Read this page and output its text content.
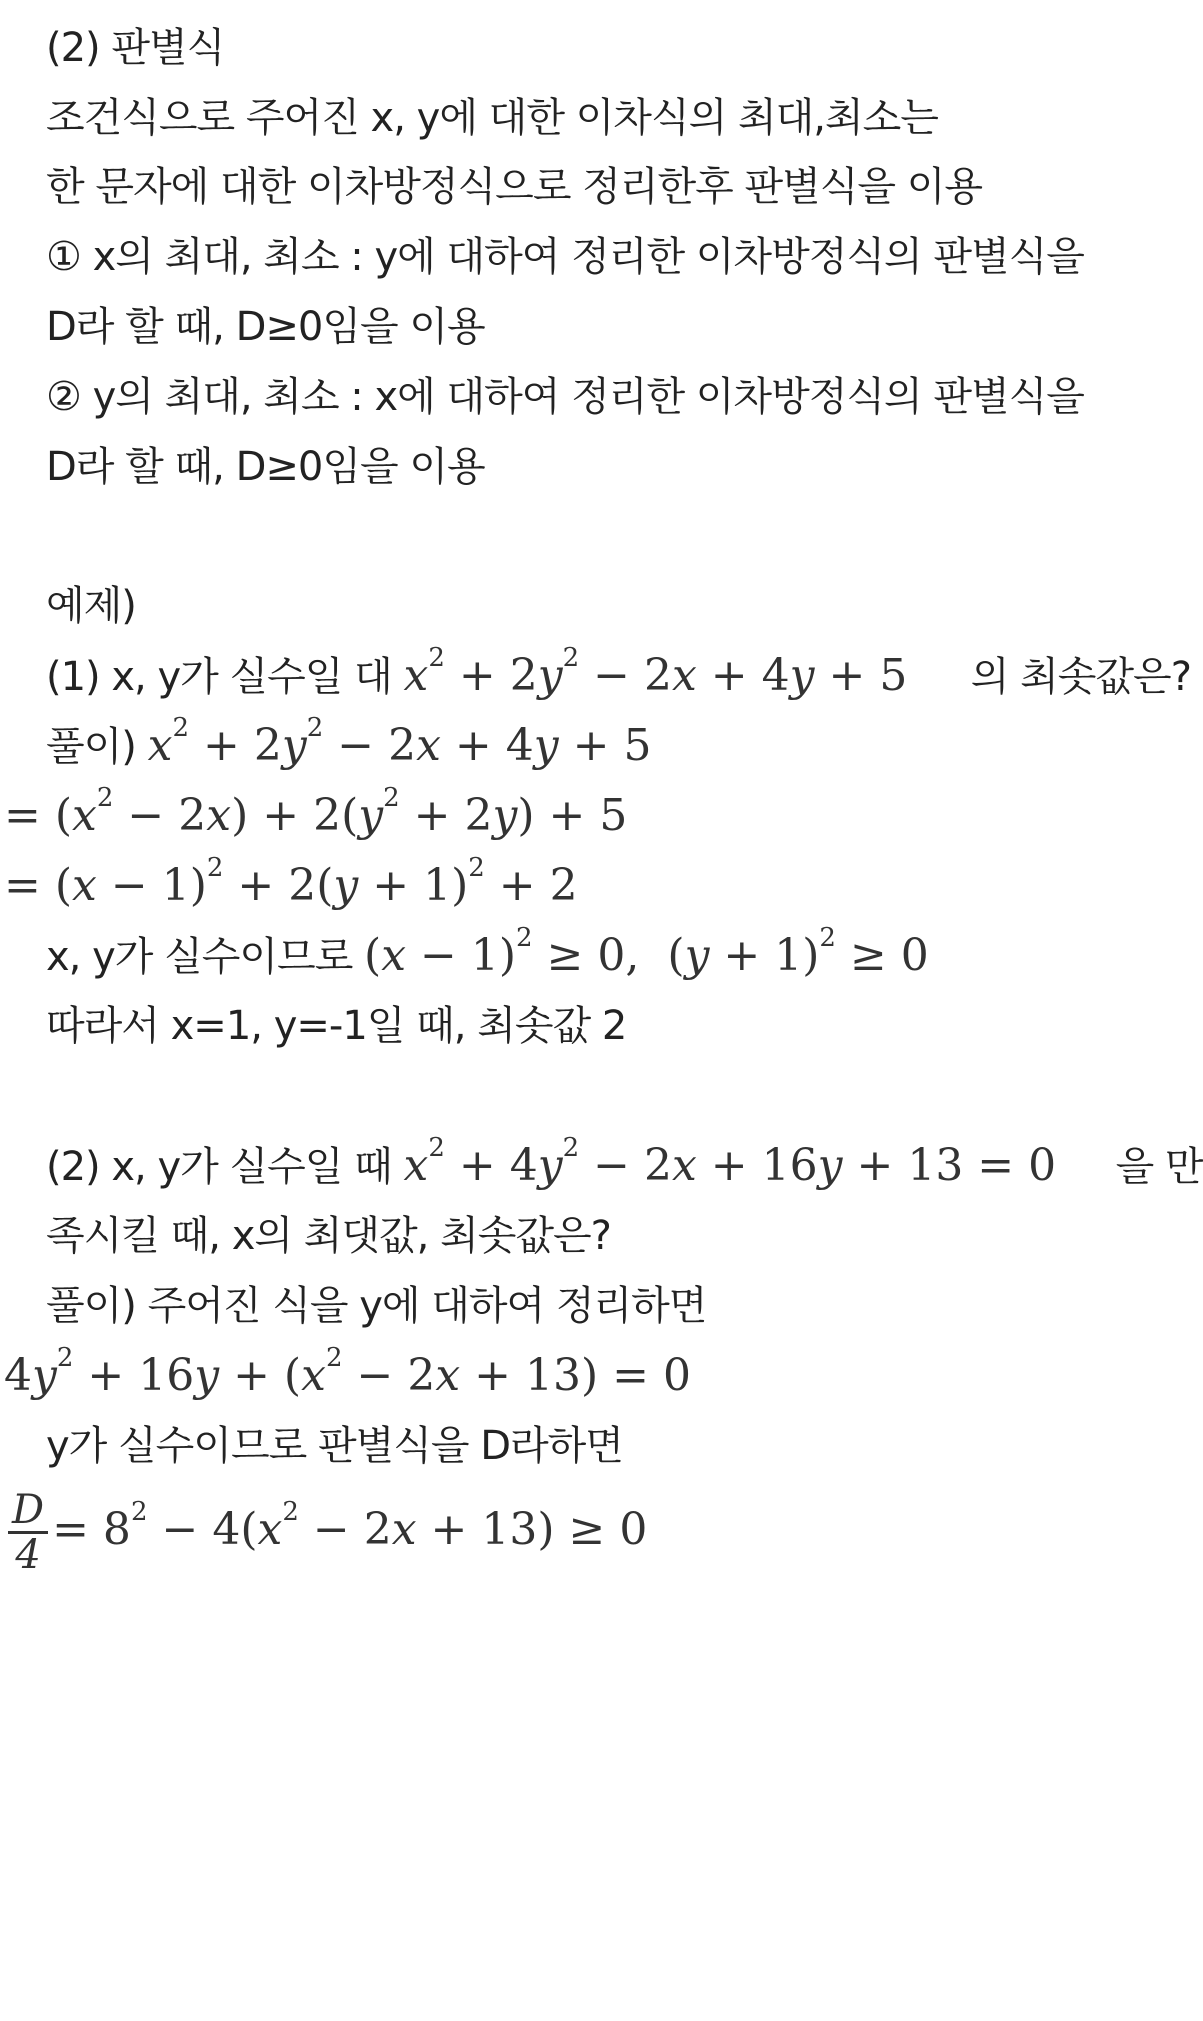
(2) 판별식
조건식으로 주어진 x, y에 대한 이차식의 최대,최소는
한 문자에 대한 이차방정식으로 정리한후 판별식을 이용
① x의 최대, 최소 : y에 대하여 정리한 이차방정식의 판별식을
D라 할 때, D≥0임을 이용
② y의 최대, 최소 : x에 대하여 정리한 이차방정식의 판별식을
D라 할 때, D≥0임을 이용
예제)
(1) x, y가 실수일 대 $x^2 + 2y^2 - 2x + 4y + 5$ 의 최솟값은?
풀이) $x^2 + 2y^2 - 2x + 4y + 5$
= $(x^2 - 2x) + 2(y^2 + 2y) + 5$
= $(x - 1)^2 + 2(y + 1)^2 + 2$
x, y가 실수이므로 $(x - 1)^2 \ge 0$,  $(y + 1)^2 \ge 0$
따라서 x=1, y=-1일 때, 최솟값 2
(2) x, y가 실수일 때 $x^2 + 4y^2 - 2x + 16y + 13 = 0$ 을 만
족시킬 때, x의 최댓값, 최솟값은?
풀이) 주어진 식을 y에 대하여 정리하면
$4y^2 + 16y + (x^2 - 2x + 13) = 0$
y가 실수이므로 판별식을 D라하면
$\frac{D}{4} = 8^2 - 4(x^2 - 2x + 13) \ge 0$
